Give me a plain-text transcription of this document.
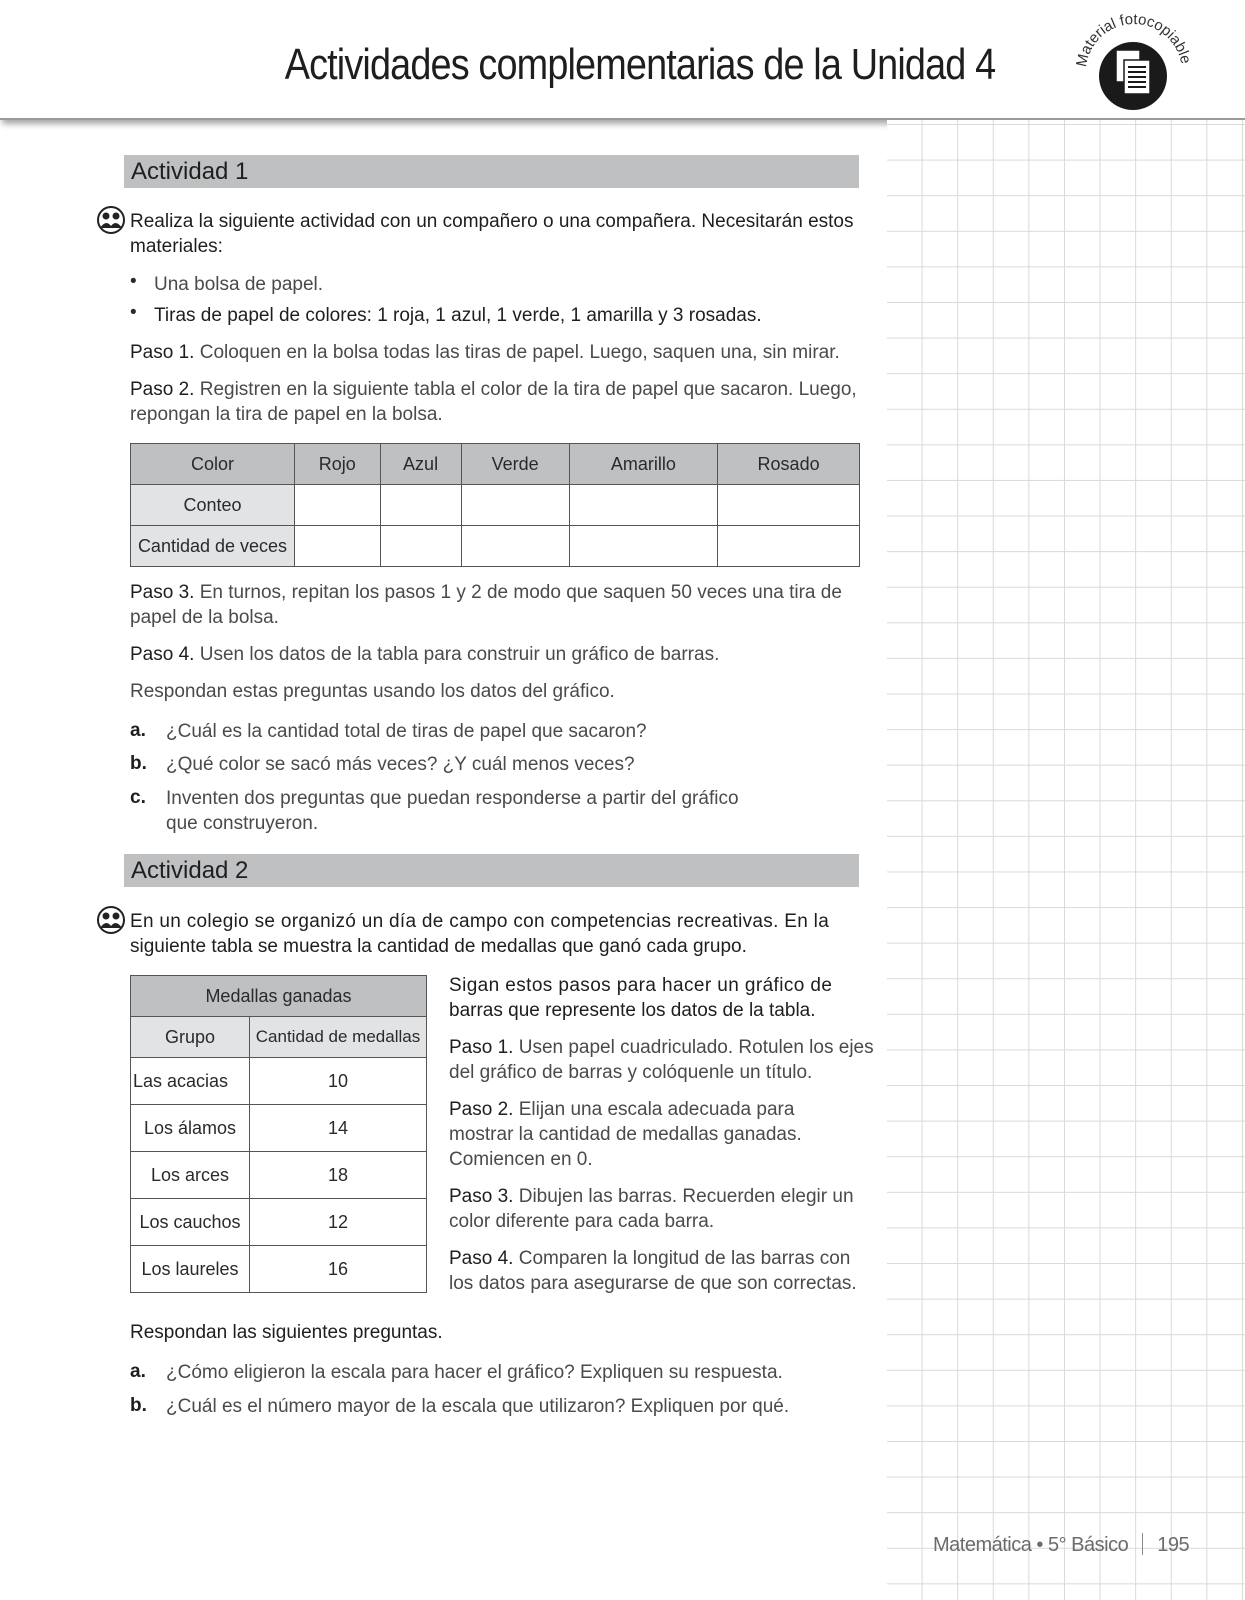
Actividades complementarias de la Unidad 4	Material fotocopiable
Actividad 1
Realiza la siguiente actividad con un compañero o una compañera. Necesitarán estos
materiales:
• Una bolsa de papel.
• Tiras de papel de colores: 1 roja, 1 azul, 1 verde, 1 amarilla y 3 rosadas.
Paso 1. Coloquen en la bolsa todas las tiras de papel. Luego, saquen una, sin mirar.
Paso 2. Registren en la siguiente tabla el color de la tira de papel que sacaron. Luego,
repongan la tira de papel en la bolsa.
Color	Rojo	Azul	Verde	Amarillo	Rosado
Conteo					
Cantidad de veces					
Paso 3. En turnos, repitan los pasos 1 y 2 de modo que saquen 50 veces una tira de
papel de la bolsa.
Paso 4. Usen los datos de la tabla para construir un gráfico de barras.
Respondan estas preguntas usando los datos del gráfico.
a. ¿Cuál es la cantidad total de tiras de papel que sacaron?
b. ¿Qué color se sacó más veces? ¿Y cuál menos veces?
c. Inventen dos preguntas que puedan responderse a partir del gráfico
que construyeron.
Actividad 2
En un colegio se organizó un día de campo con competencias recreativas. En la
siguiente tabla se muestra la cantidad de medallas que ganó cada grupo.
Medallas ganadas	
Grupo	Cantidad de medallas
Las acacias	10
Los álamos	14
Los arces	18
Los cauchos	12
Los laureles	16
Sigan estos pasos para hacer un gráfico de
barras que represente los datos de la tabla.
Paso 1. Usen papel cuadriculado. Rotulen los ejes
del gráfico de barras y colóquenle un título.
Paso 2. Elijan una escala adecuada para
mostrar la cantidad de medallas ganadas.
Comiencen en 0.
Paso 3. Dibujen las barras. Recuerden elegir un
color diferente para cada barra.
Paso 4. Comparen la longitud de las barras con
los datos para asegurarse de que son correctas.
Respondan las siguientes preguntas.
a. ¿Cómo eligieron la escala para hacer el gráfico? Expliquen su respuesta.
b. ¿Cuál es el número mayor de la escala que utilizaron? Expliquen por qué.
Matemática • 5° Básico 195
